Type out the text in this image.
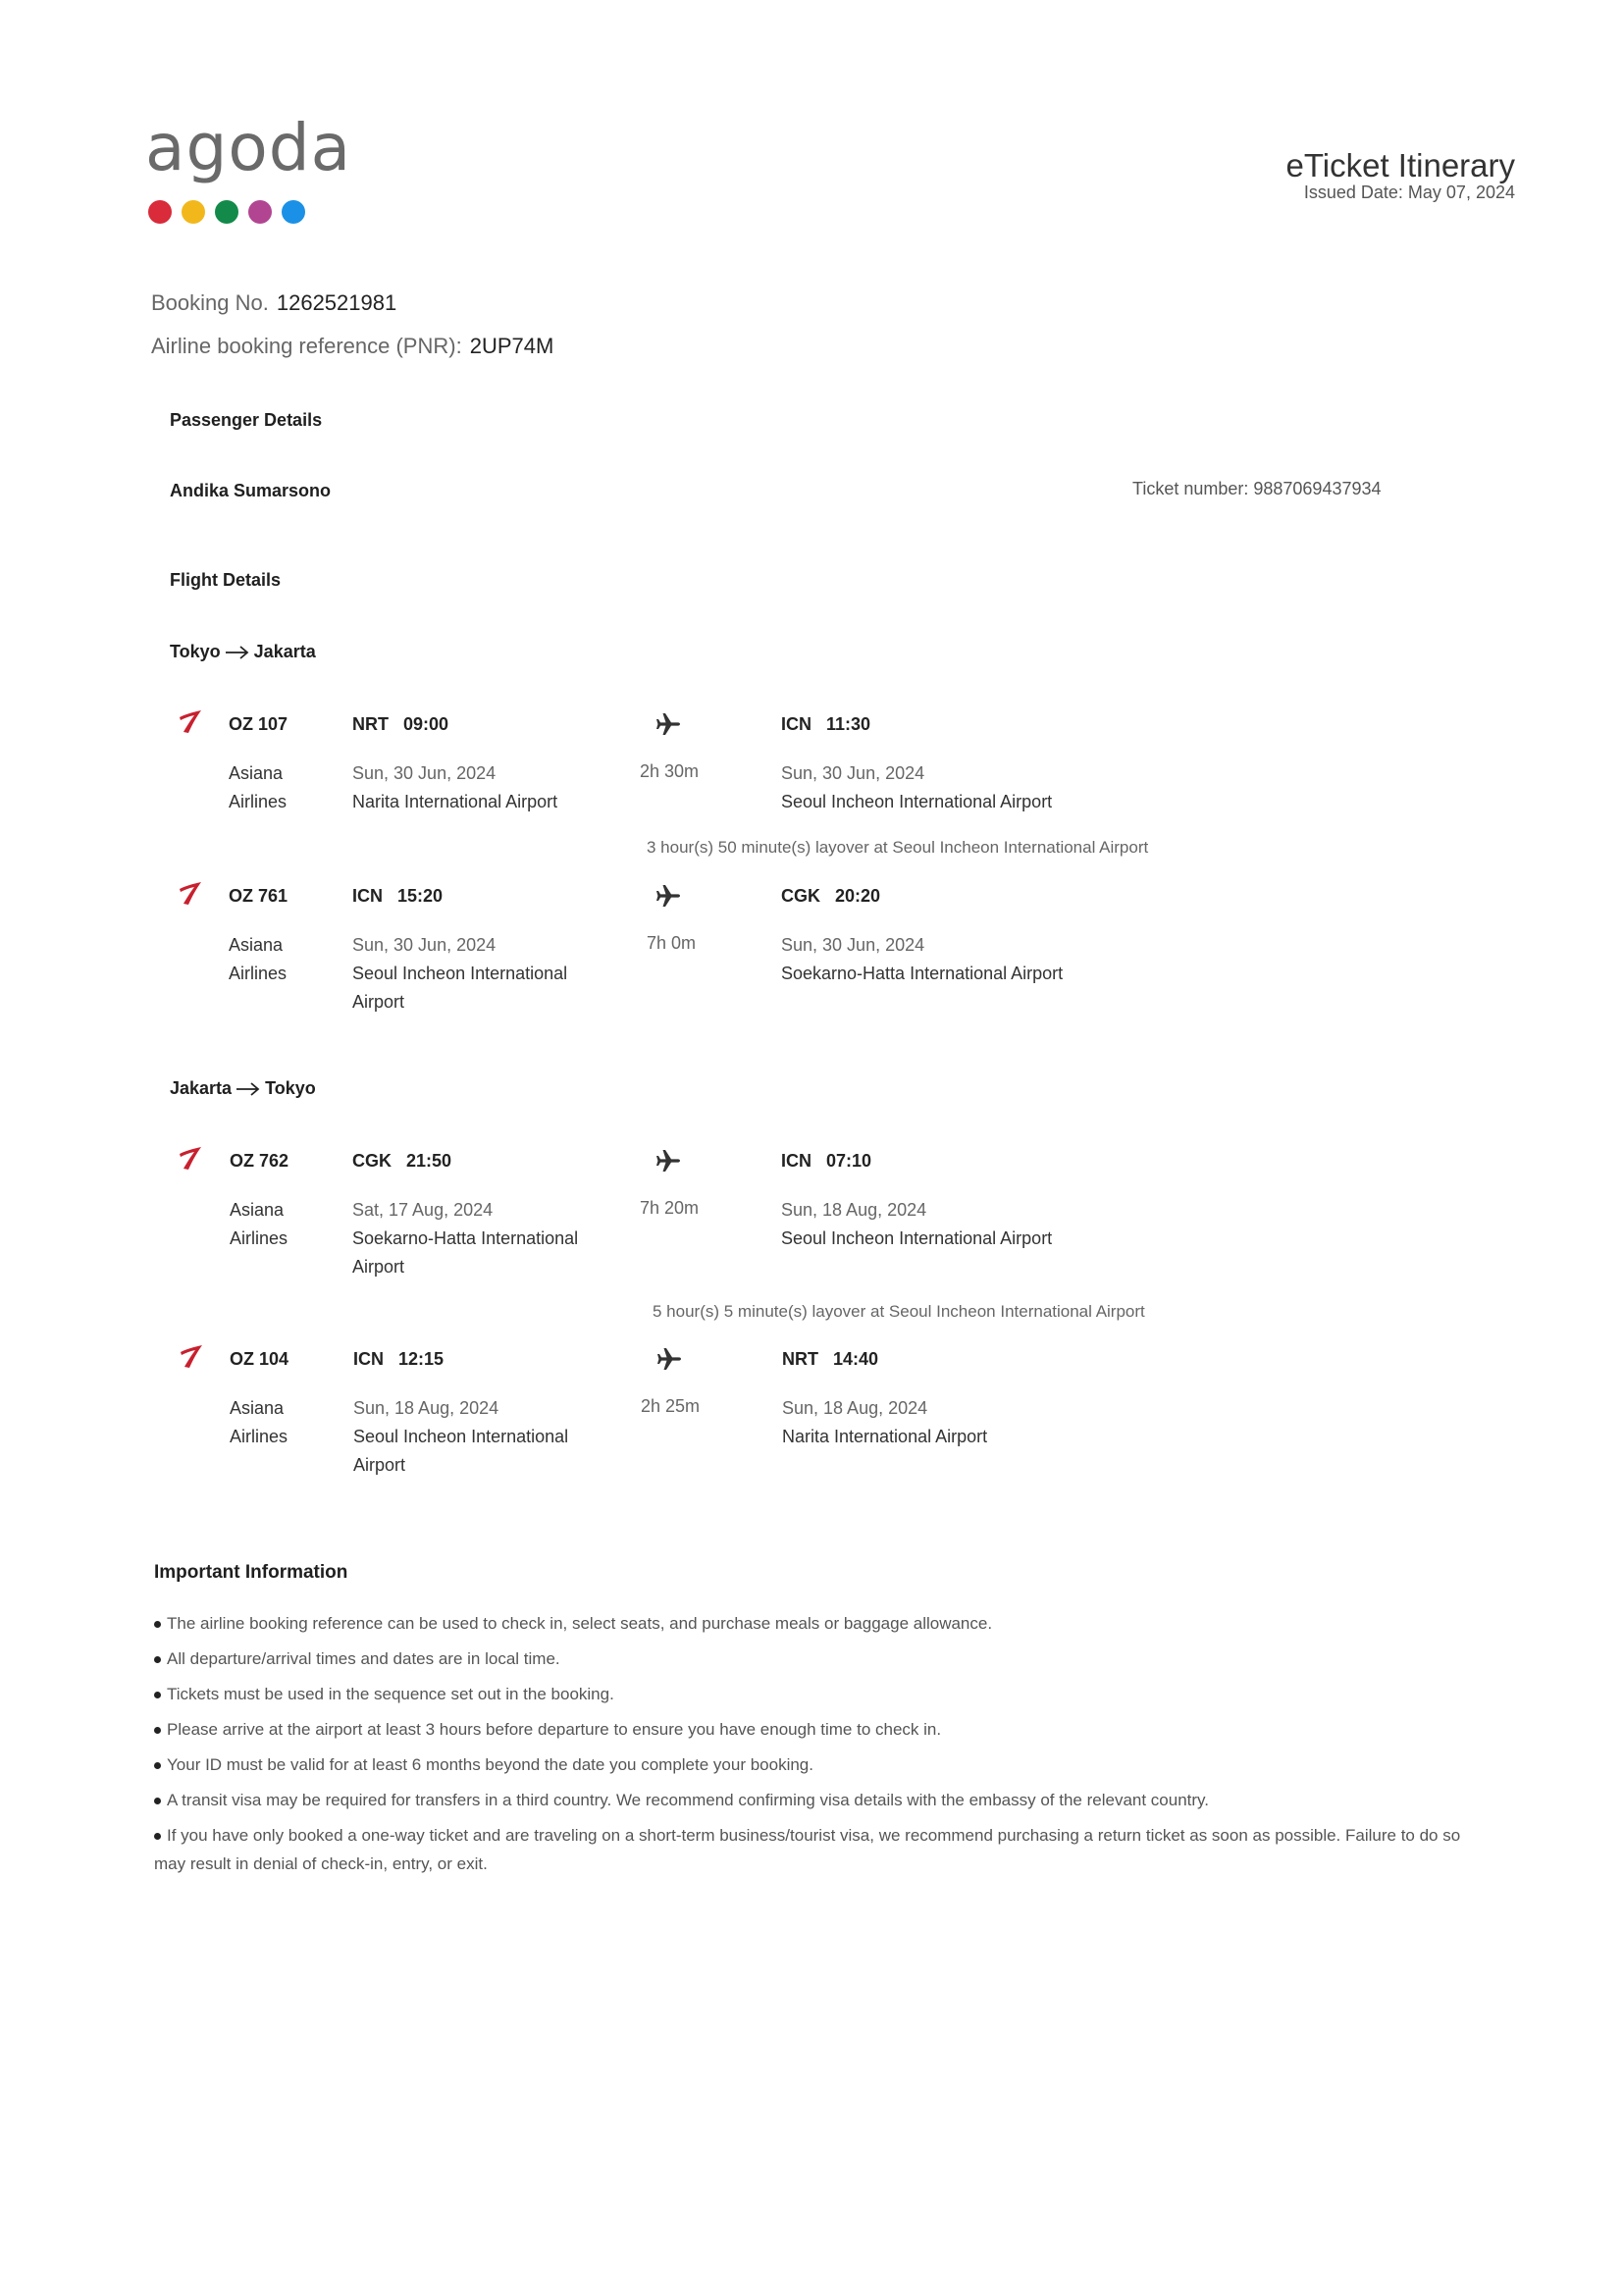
agoda	eTicket Itinerary
Issued Date: May 07, 2024
Booking No. 1262521981
Airline booking reference (PNR): 2UP74M
Passenger Details
Andika Sumarsono	Ticket number: 9887069437934
Flight Details
Tokyo Jakarta
OZ 107
Asiana
Airlines
NRT 09:00
Sun, 30 Jun, 2024
Narita International Airport
2h 30m
ICN 11:30
Sun, 30 Jun, 2024
Seoul Incheon International Airport
3 hour(s) 50 minute(s) layover at Seoul Incheon International Airport
OZ 761
Asiana
Airlines
ICN 15:20
Sun, 30 Jun, 2024
Seoul Incheon International
Airport
7h 0m
CGK 20:20
Sun, 30 Jun, 2024
Soekarno-Hatta International Airport
Jakarta Tokyo
OZ 762
Asiana
Airlines
CGK 21:50
Sat, 17 Aug, 2024
Soekarno-Hatta International
Airport
7h 20m
ICN 07:10
Sun, 18 Aug, 2024
Seoul Incheon International Airport
5 hour(s) 5 minute(s) layover at Seoul Incheon International Airport
OZ 104
Asiana
Airlines
ICN 12:15
Sun, 18 Aug, 2024
Seoul Incheon International
Airport
2h 25m
NRT 14:40
Sun, 18 Aug, 2024
Narita International Airport
Important Information
The airline booking reference can be used to check in, select seats, and purchase meals or baggage allowance.
All departure/arrival times and dates are in local time.
Tickets must be used in the sequence set out in the booking.
Please arrive at the airport at least 3 hours before departure to ensure you have enough time to check in.
Your ID must be valid for at least 6 months beyond the date you complete your booking.
A transit visa may be required for transfers in a third country. We recommend confirming visa details with the embassy of the relevant country.
If you have only booked a one-way ticket and are traveling on a short-term business/tourist visa, we recommend purchasing a return ticket as soon as possible. Failure to do so may result in denial of check-in, entry, or exit.
